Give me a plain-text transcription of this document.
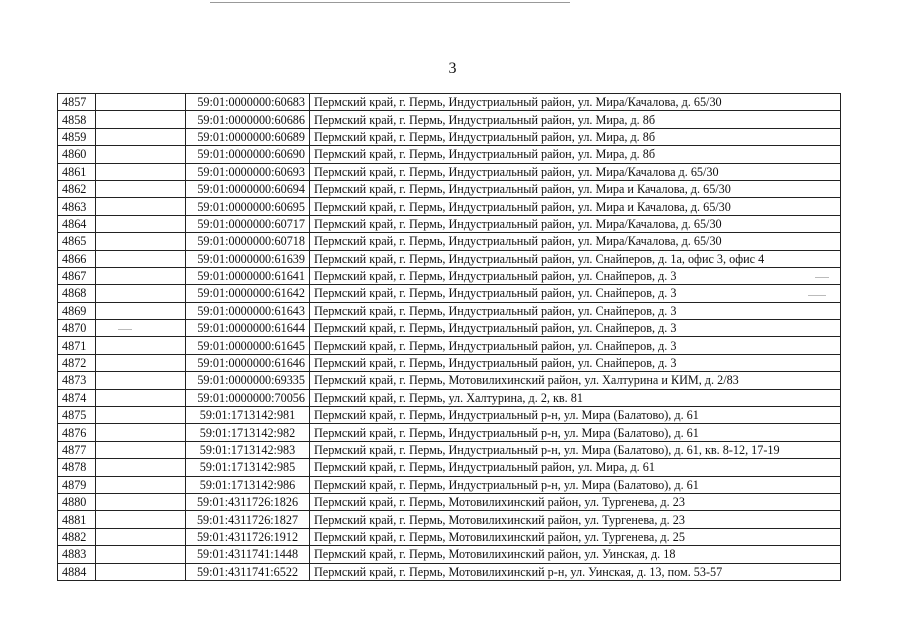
3
4857		59:01:0000000:60683	Пермский край, г. Пермь, Индустриальный район, ул. Мира/Качалова, д. 65/30
4858		59:01:0000000:60686	Пермский край, г. Пермь, Индустриальный район, ул. Мира, д. 8б
4859		59:01:0000000:60689	Пермский край, г. Пермь, Индустриальный район, ул. Мира, д. 8б
4860		59:01:0000000:60690	Пермский край, г. Пермь, Индустриальный район, ул. Мира, д. 8б
4861		59:01:0000000:60693	Пермский край, г. Пермь, Индустриальный район, ул. Мира/Качалова д. 65/30
4862		59:01:0000000:60694	Пермский край, г. Пермь, Индустриальный район, ул. Мира и Качалова, д. 65/30
4863		59:01:0000000:60695	Пермский край, г. Пермь, Индустриальный район, ул. Мира и Качалова, д. 65/30
4864		59:01:0000000:60717	Пермский край, г. Пермь, Индустриальный район, ул. Мира/Качалова, д. 65/30
4865		59:01:0000000:60718	Пермский край, г. Пермь, Индустриальный район, ул. Мира/Качалова, д. 65/30
4866		59:01:0000000:61639	Пермский край, г. Пермь, Индустриальный район, ул. Снайперов, д. 1а, офис 3, офис 4
4867		59:01:0000000:61641	Пермский край, г. Пермь, Индустриальный район, ул. Снайперов, д. 3
4868		59:01:0000000:61642	Пермский край, г. Пермь, Индустриальный район, ул. Снайперов, д. 3
4869		59:01:0000000:61643	Пермский край, г. Пермь, Индустриальный район, ул. Снайперов, д. 3
4870		59:01:0000000:61644	Пермский край, г. Пермь, Индустриальный район, ул. Снайперов, д. 3
4871		59:01:0000000:61645	Пермский край, г. Пермь, Индустриальный район, ул. Снайперов, д. 3
4872		59:01:0000000:61646	Пермский край, г. Пермь, Индустриальный район, ул. Снайперов, д. 3
4873		59:01:0000000:69335	Пермский край, г. Пермь, Мотовилихинский район, ул. Халтурина и КИМ, д. 2/83
4874		59:01:0000000:70056	Пермский край, г. Пермь, ул. Халтурина, д. 2, кв. 81
4875		59:01:1713142:981	Пермский край, г. Пермь, Индустриальный р-н, ул. Мира (Балатово), д. 61
4876		59:01:1713142:982	Пермский край, г. Пермь, Индустриальный р-н, ул. Мира (Балатово), д. 61
4877		59:01:1713142:983	Пермский край, г. Пермь, Индустриальный р-н, ул. Мира (Балатово), д. 61, кв. 8-12, 17-19
4878		59:01:1713142:985	Пермский край, г. Пермь, Индустриальный район, ул. Мира, д. 61
4879		59:01:1713142:986	Пермский край, г. Пермь, Индустриальный р-н, ул. Мира (Балатово), д. 61
4880		59:01:4311726:1826	Пермский край, г. Пермь, Мотовилихинский район, ул. Тургенева, д. 23
4881		59:01:4311726:1827	Пермский край, г. Пермь, Мотовилихинский район, ул. Тургенева, д. 23
4882		59:01:4311726:1912	Пермский край, г. Пермь, Мотовилихинский район, ул. Тургенева, д. 25
4883		59:01:4311741:1448	Пермский край, г. Пермь, Мотовилихинский район, ул. Уинская, д. 18
4884		59:01:4311741:6522	Пермский край, г. Пермь, Мотовилихинский р-н, ул. Уинская, д. 13, пом. 53-57
